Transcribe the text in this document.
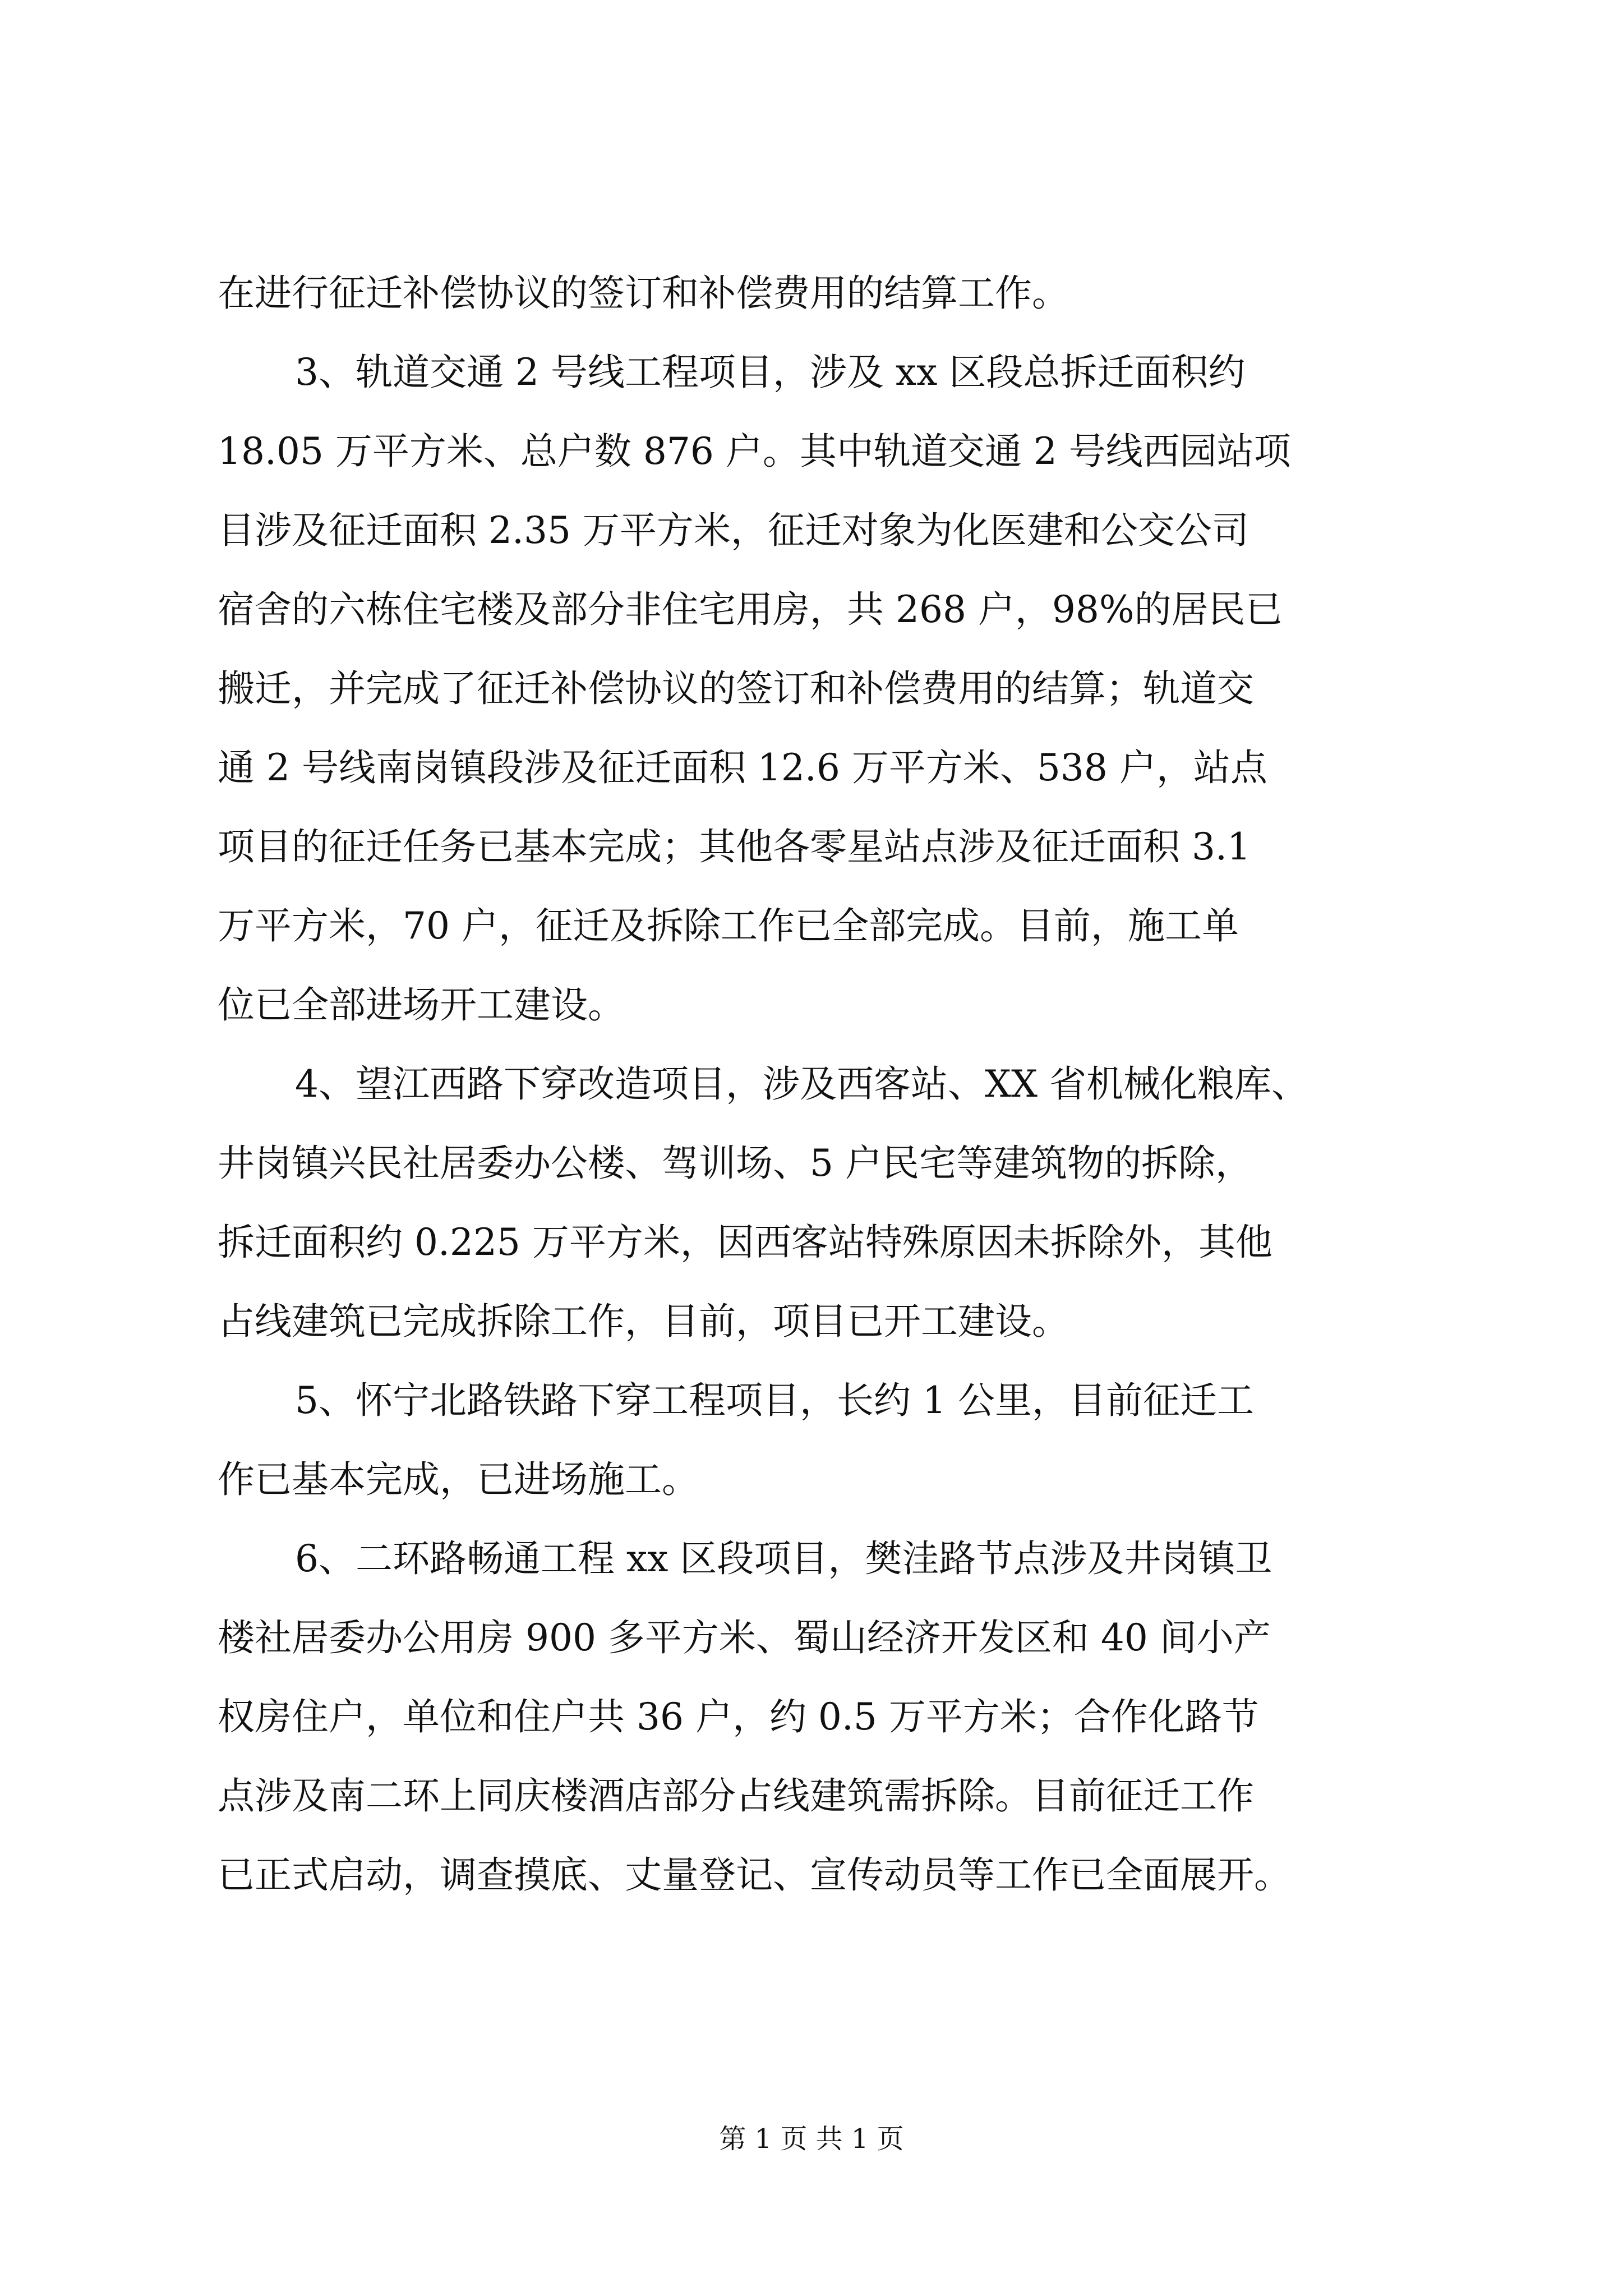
在进行征迁补偿协议的签订和补偿费用的结算工作。
3、轨道交通 2 号线工程项目，涉及 xx 区段总拆迁面积约
18.05 万平方米、总户数 876 户。其中轨道交通 2 号线西园站项
目涉及征迁面积 2.35 万平方米，征迁对象为化医建和公交公司
宿舍的六栋住宅楼及部分非住宅用房，共 268 户，98%的居民已
搬迁，并完成了征迁补偿协议的签订和补偿费用的结算；轨道交
通 2 号线南岗镇段涉及征迁面积 12.6 万平方米、538 户，站点
项目的征迁任务已基本完成；其他各零星站点涉及征迁面积 3.1
万平方米，70 户，征迁及拆除工作已全部完成。目前，施工单
位已全部进场开工建设。
4、望江西路下穿改造项目，涉及西客站、XX 省机械化粮库、
井岗镇兴民社居委办公楼、驾训场、5 户民宅等建筑物的拆除，
拆迁面积约 0.225 万平方米，因西客站特殊原因未拆除外，其他
占线建筑已完成拆除工作，目前，项目已开工建设。
5、怀宁北路铁路下穿工程项目，长约 1 公里，目前征迁工
作已基本完成，已进场施工。
6、二环路畅通工程 xx 区段项目，樊洼路节点涉及井岗镇卫
楼社居委办公用房 900 多平方米、蜀山经济开发区和 40 间小产
权房住户，单位和住户共 36 户，约 0.5 万平方米；合作化路节
点涉及南二环上同庆楼酒店部分占线建筑需拆除。目前征迁工作
已正式启动，调查摸底、丈量登记、宣传动员等工作已全面展开。
第 1 页 共 1 页
